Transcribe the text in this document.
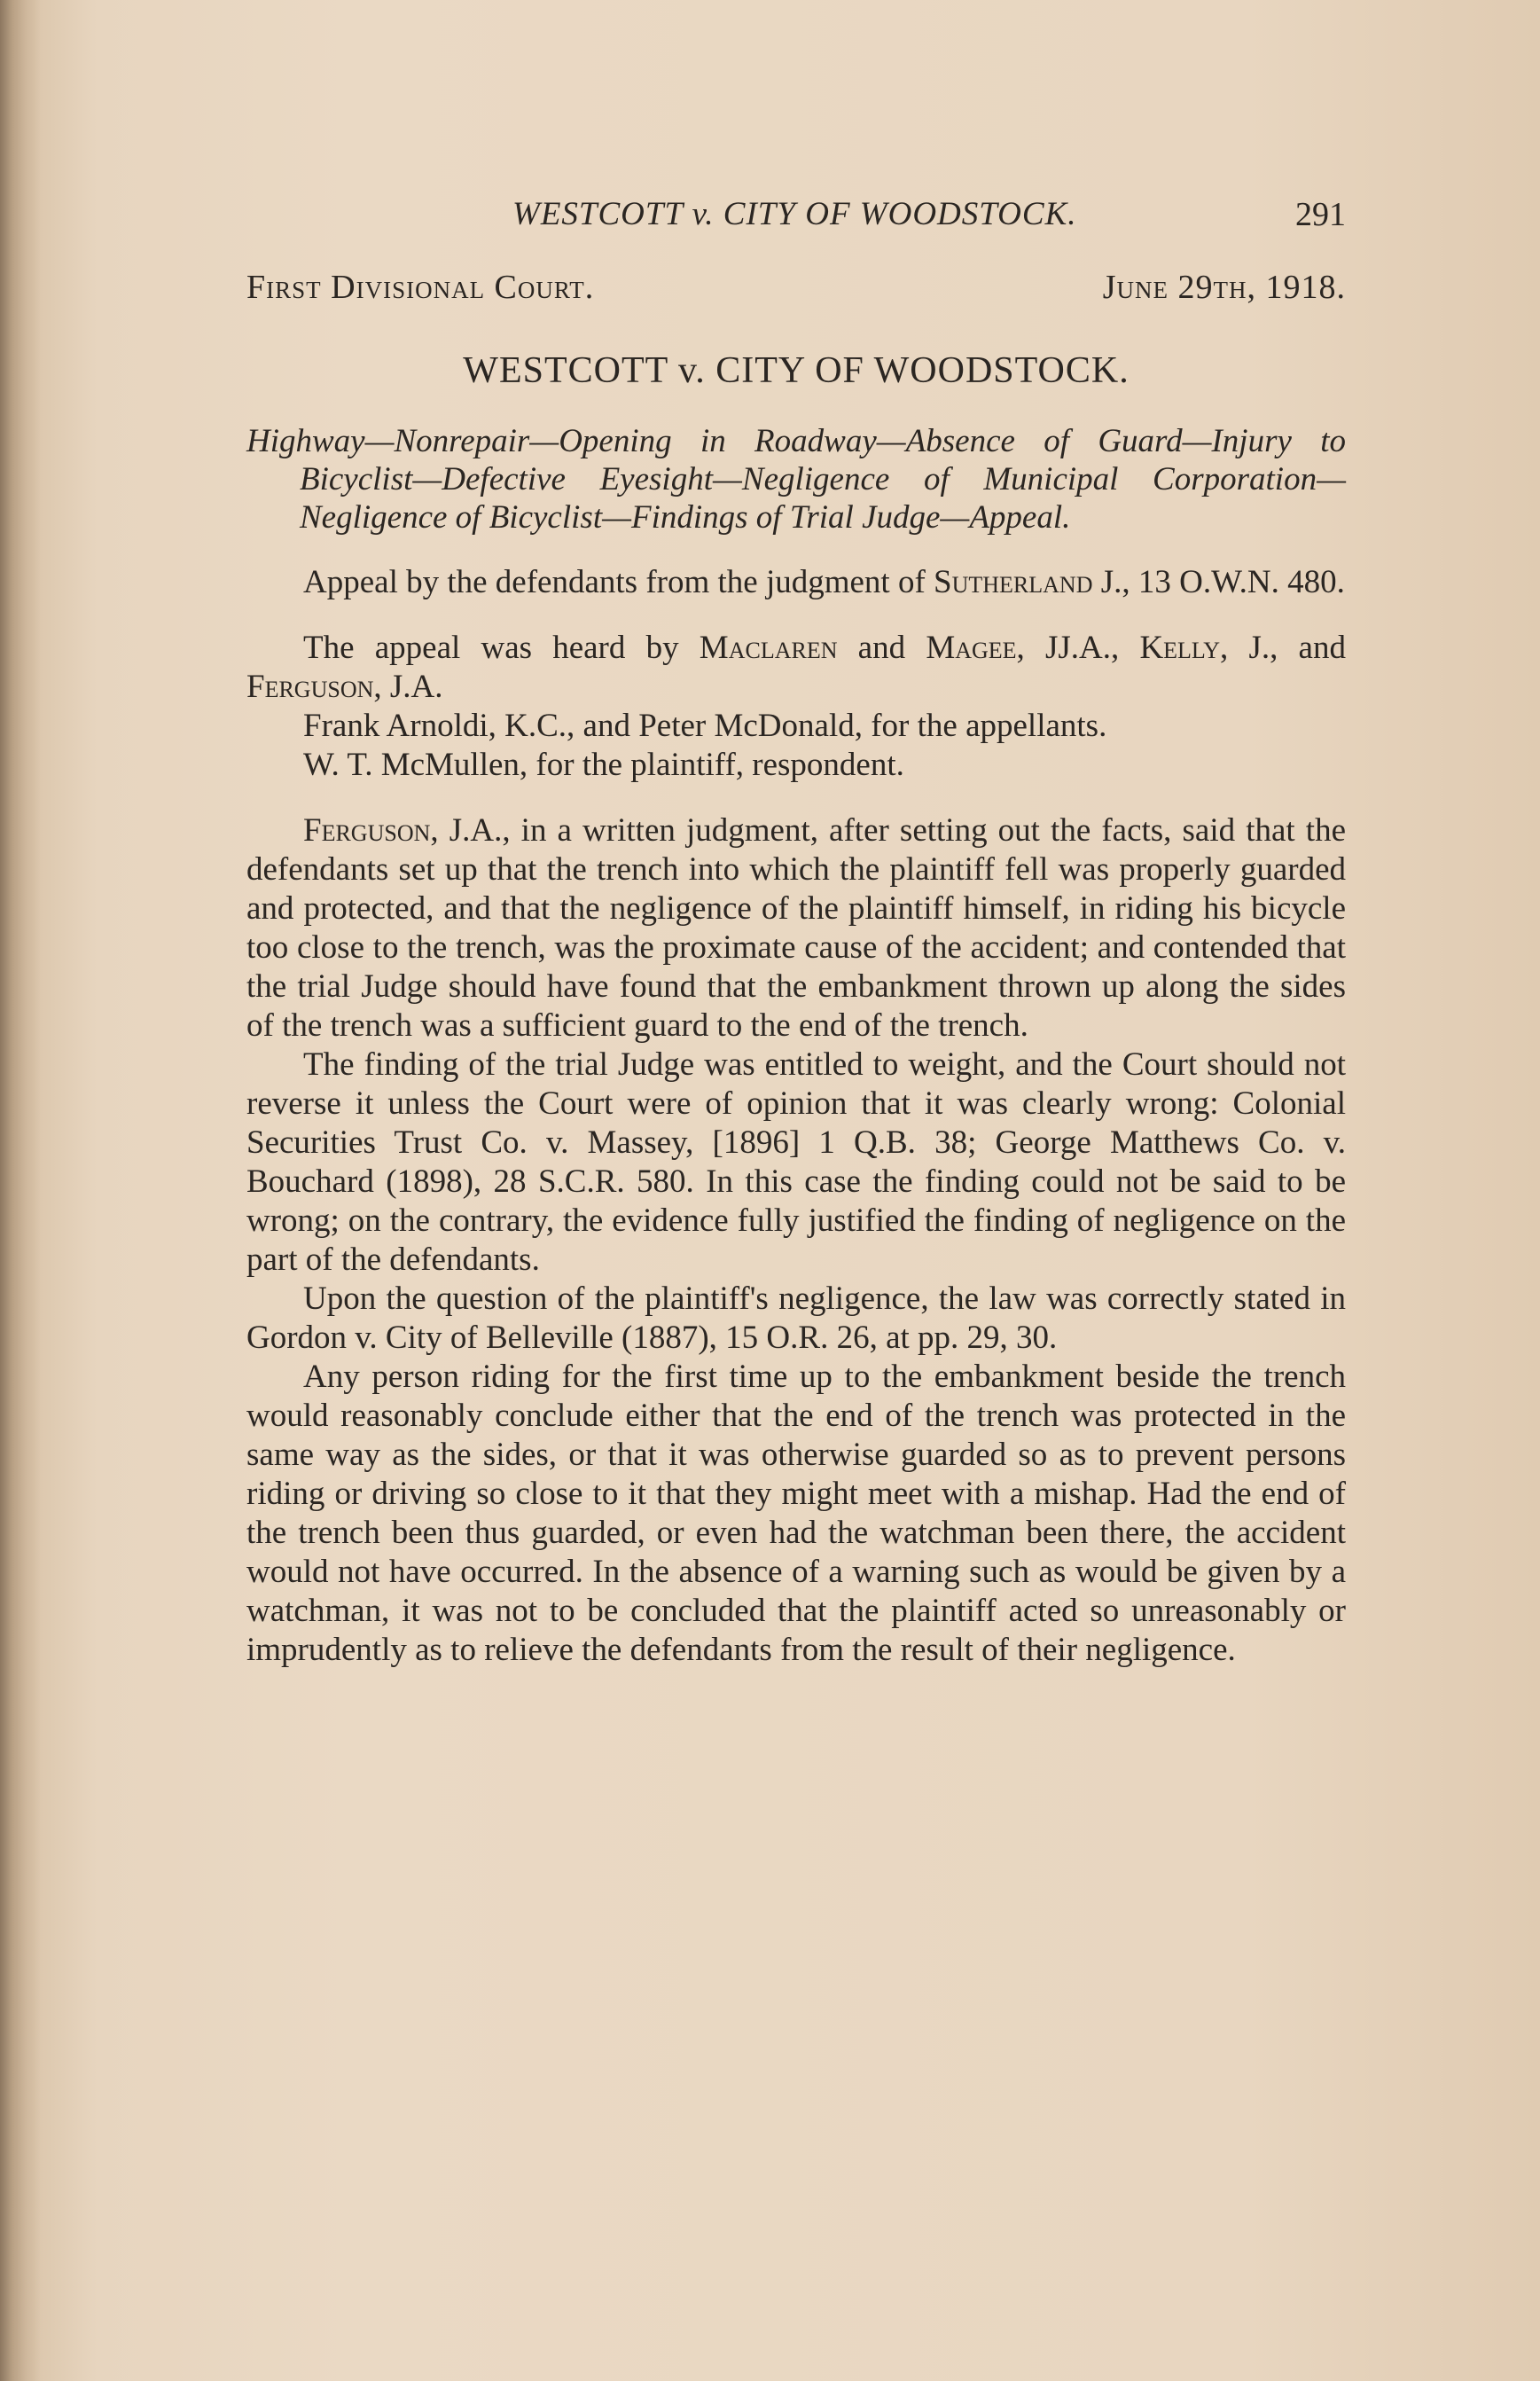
WESTCOTT v. CITY OF WOODSTOCK.	291
First Divisional Court.	June 29th, 1918.
WESTCOTT v. CITY OF WOODSTOCK.
Highway—Nonrepair—Opening in Roadway—Absence of Guard—Injury to Bicyclist—Defective Eyesight—Negligence of Municipal Corporation—Negligence of Bicyclist—Findings of Trial Judge—Appeal.

Appeal by the defendants from the judgment of Sutherland J., 13 O.W.N. 480.

The appeal was heard by Maclaren and Magee, JJ.A., Kelly, J., and Ferguson, J.A.

Frank Arnoldi, K.C., and Peter McDonald, for the appellants.

W. T. McMullen, for the plaintiff, respondent.

Ferguson, J.A., in a written judgment, after setting out the facts, said that the defendants set up that the trench into which the plaintiff fell was properly guarded and protected, and that the negligence of the plaintiff himself, in riding his bicycle too close to the trench, was the proximate cause of the accident; and contended that the trial Judge should have found that the embankment thrown up along the sides of the trench was a sufficient guard to the end of the trench.

The finding of the trial Judge was entitled to weight, and the Court should not reverse it unless the Court were of opinion that it was clearly wrong: Colonial Securities Trust Co. v. Massey, [1896] 1 Q.B. 38; George Matthews Co. v. Bouchard (1898), 28 S.C.R. 580. In this case the finding could not be said to be wrong; on the contrary, the evidence fully justified the finding of negligence on the part of the defendants.

Upon the question of the plaintiff's negligence, the law was correctly stated in Gordon v. City of Belleville (1887), 15 O.R. 26, at pp. 29, 30.

Any person riding for the first time up to the embankment beside the trench would reasonably conclude either that the end of the trench was protected in the same way as the sides, or that it was otherwise guarded so as to prevent persons riding or driving so close to it that they might meet with a mishap. Had the end of the trench been thus guarded, or even had the watchman been there, the accident would not have occurred. In the absence of a warning such as would be given by a watchman, it was not to be concluded that the plaintiff acted so unreasonably or imprudently as to relieve the defendants from the result of their negligence.
